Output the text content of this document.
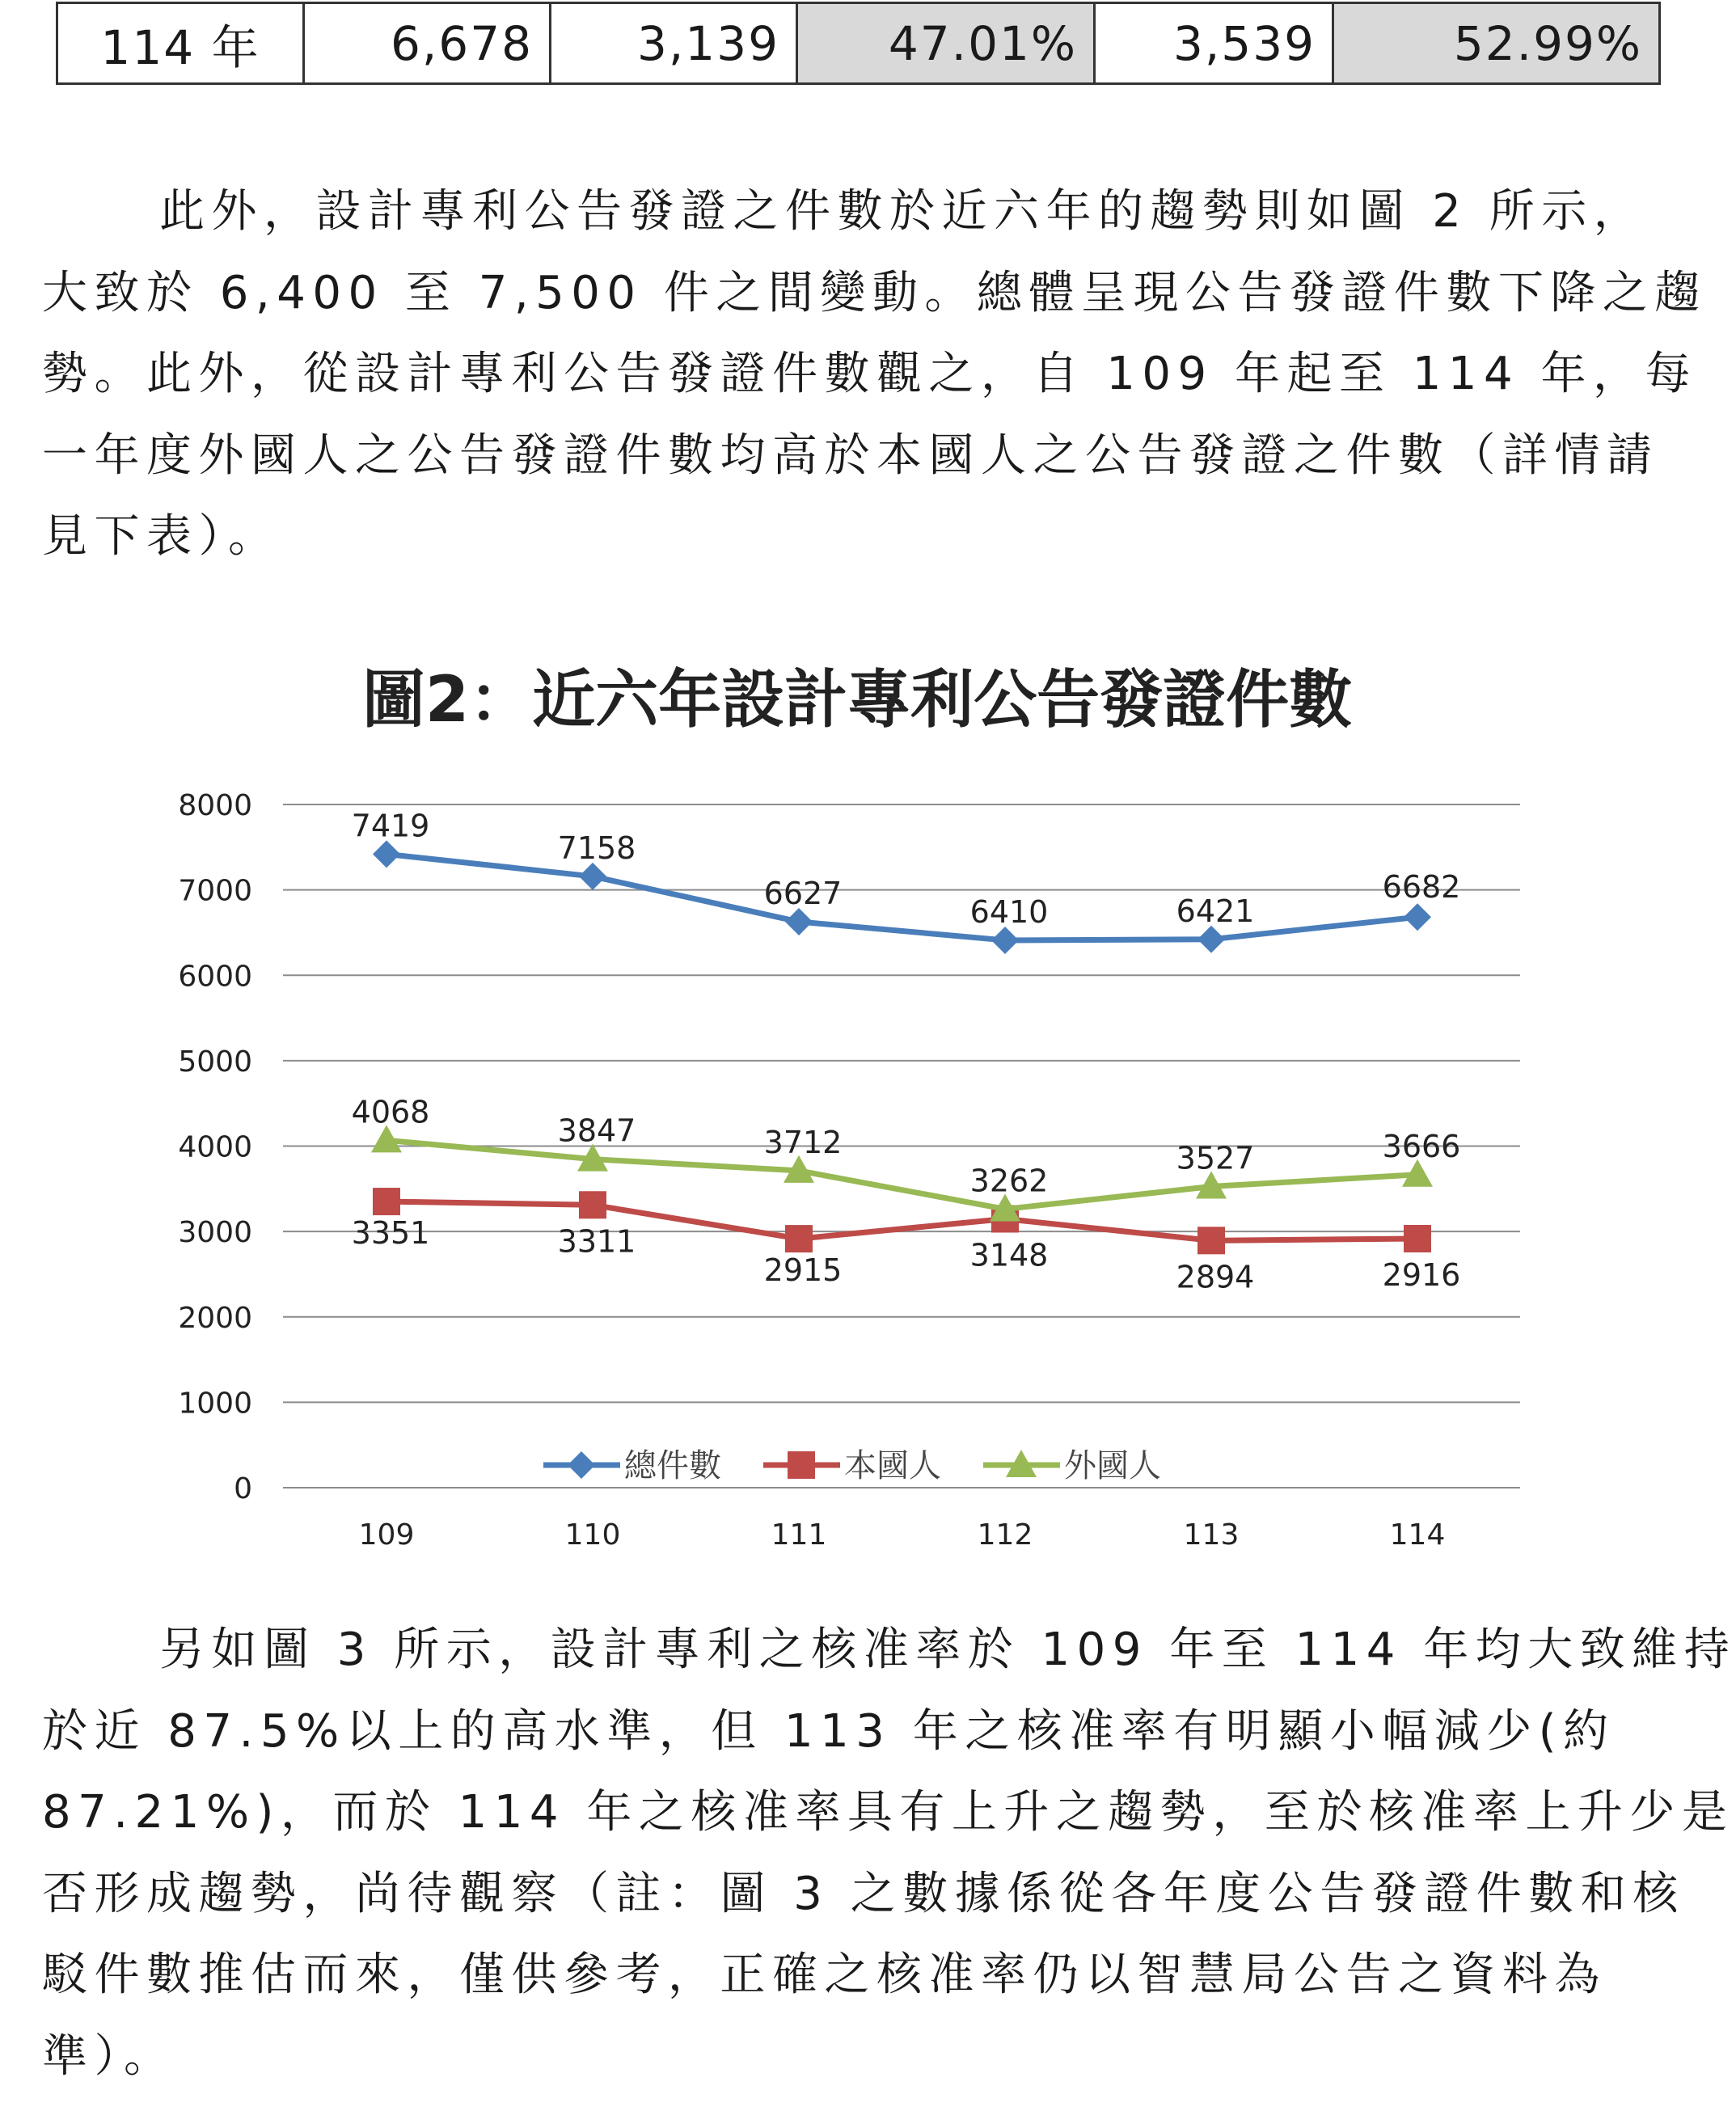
114 年	6,678	3,139	47.01%	3,539	52.99%

此外，設計專利公告發證之件數於近六年的趨勢則如圖 2 所示，
大致於 6,400 至 7,500 件之間變動。總體呈現公告發證件數下降之趨
勢。此外，從設計專利公告發證件數觀之，自 109 年起至 114 年，每
一年度外國人之公告發證件數均高於本國人之公告發證之件數（詳情請
見下表）。

圖2：近六年設計專利公告發證件數
0
1000
2000
3000
4000
5000
6000
7000
8000
109	110	111	112	113	114
7419
7158
6627
6410	6421
6682
3351	3311
2915	3148
2894	2916
4068
3847	3712
3262
3527	3666
總件數	本國人	外國人

另如圖 3 所示，設計專利之核准率於 109 年至 114 年均大致維持
於近 87.5%以上的高水準，但 113 年之核准率有明顯小幅減少(約
87.21%)，而於 114 年之核准率具有上升之趨勢，至於核准率上升少是
否形成趨勢，尚待觀察（註：圖 3 之數據係從各年度公告發證件數和核
駁件數推估而來，僅供參考，正確之核准率仍以智慧局公告之資料為
準）。
